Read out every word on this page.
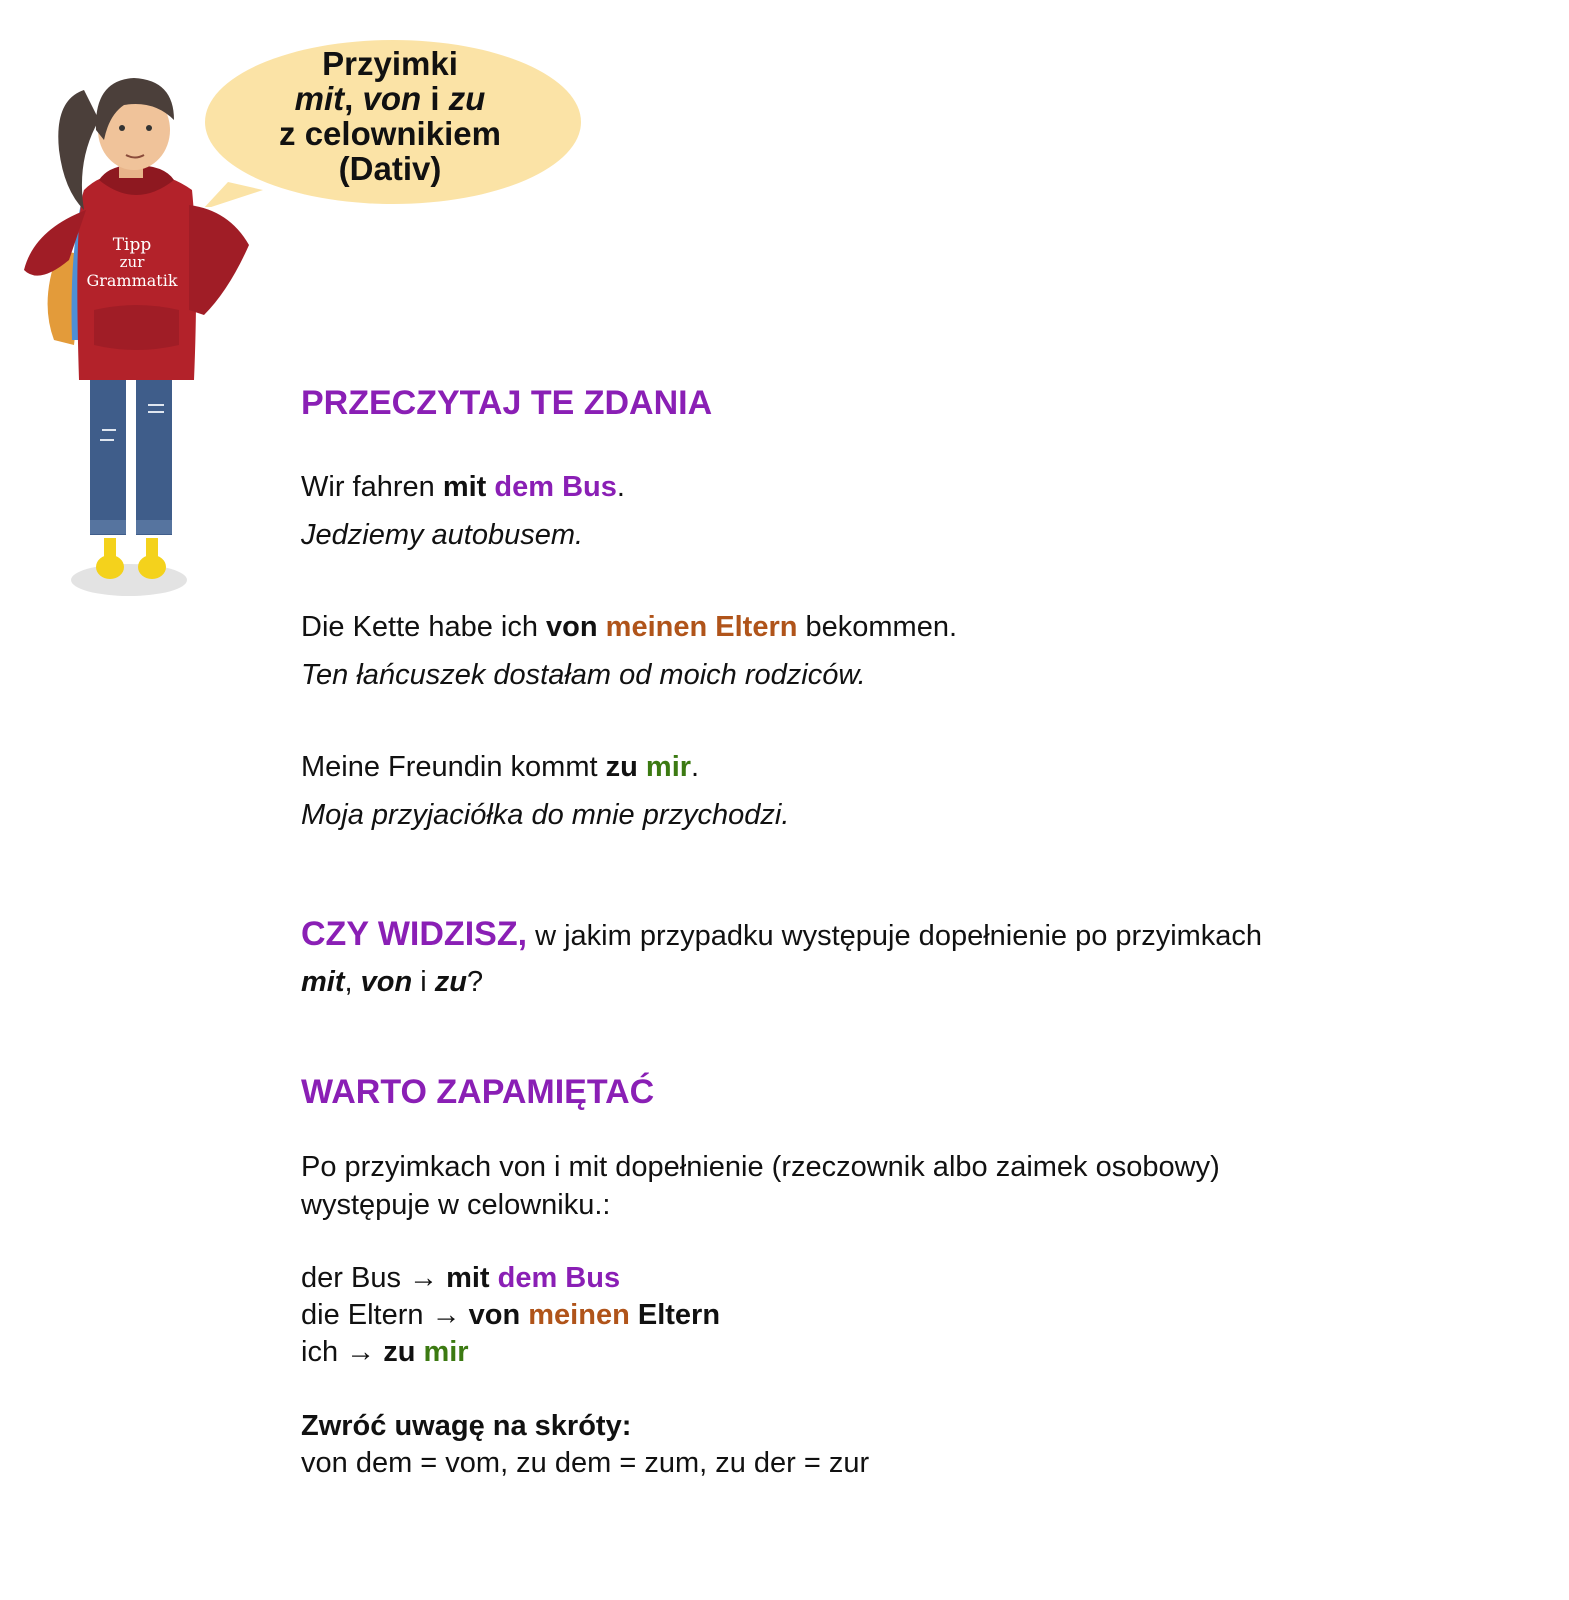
Tipp
zur
Grammatik
Przyimki
mit, von i zu
z celownikiem
(Dativ)
PRZECZYTAJ TE ZDANIA
Wir fahren mit dem Bus.
Jedziemy autobusem.
Die Kette habe ich von meinen Eltern bekommen.
Ten łańcuszek dostałam od moich rodziców.
Meine Freundin kommt zu mir.
Moja przyjaciółka do mnie przychodzi.
CZY WIDZISZ, w jakim przypadku występuje dopełnienie po przyimkach
mit, von i zu?
WARTO ZAPAMIĘTAĆ
Po przyimkach von i mit dopełnienie (rzeczownik albo zaimek osobowy)
występuje w celowniku.:
der Bus → mit dem Bus
die Eltern → von meinen Eltern
ich → zu mir
Zwróć uwagę na skróty:
von dem = vom, zu dem = zum, zu der = zur
